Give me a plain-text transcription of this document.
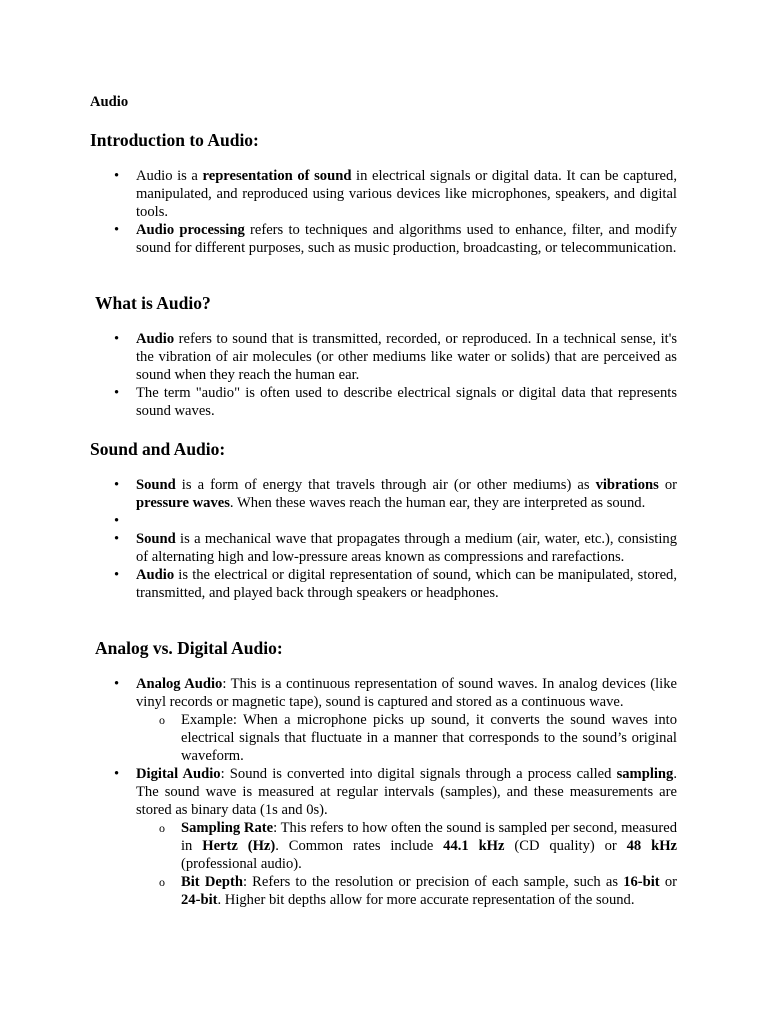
Audio
Introduction to Audio:
• Audio is a representation of sound in electrical signals or digital data. It can be captured, manipulated, and reproduced using various devices like microphones, speakers, and digital tools.
• Audio processing refers to techniques and algorithms used to enhance, filter, and modify sound for different purposes, such as music production, broadcasting, or telecommunication.
What is Audio?
• Audio refers to sound that is transmitted, recorded, or reproduced. In a technical sense, it's the vibration of air molecules (or other mediums like water or solids) that are perceived as sound when they reach the human ear.
• The term "audio" is often used to describe electrical signals or digital data that represents sound waves.
Sound and Audio:
• Sound is a form of energy that travels through air (or other mediums) as vibrations or pressure waves. When these waves reach the human ear, they are interpreted as sound.
•
• Sound is a mechanical wave that propagates through a medium (air, water, etc.), consisting of alternating high and low-pressure areas known as compressions and rarefactions.
• Audio is the electrical or digital representation of sound, which can be manipulated, stored, transmitted, and played back through speakers or headphones.
Analog vs. Digital Audio:
• Analog Audio: This is a continuous representation of sound waves. In analog devices (like vinyl records or magnetic tape), sound is captured and stored as a continuous wave.
o Example: When a microphone picks up sound, it converts the sound waves into electrical signals that fluctuate in a manner that corresponds to the sound’s original waveform.
• Digital Audio: Sound is converted into digital signals through a process called sampling. The sound wave is measured at regular intervals (samples), and these measurements are stored as binary data (1s and 0s).
o Sampling Rate: This refers to how often the sound is sampled per second, measured in Hertz (Hz). Common rates include 44.1 kHz (CD quality) or 48 kHz (professional audio).
o Bit Depth: Refers to the resolution or precision of each sample, such as 16-bit or 24-bit. Higher bit depths allow for more accurate representation of the sound.
